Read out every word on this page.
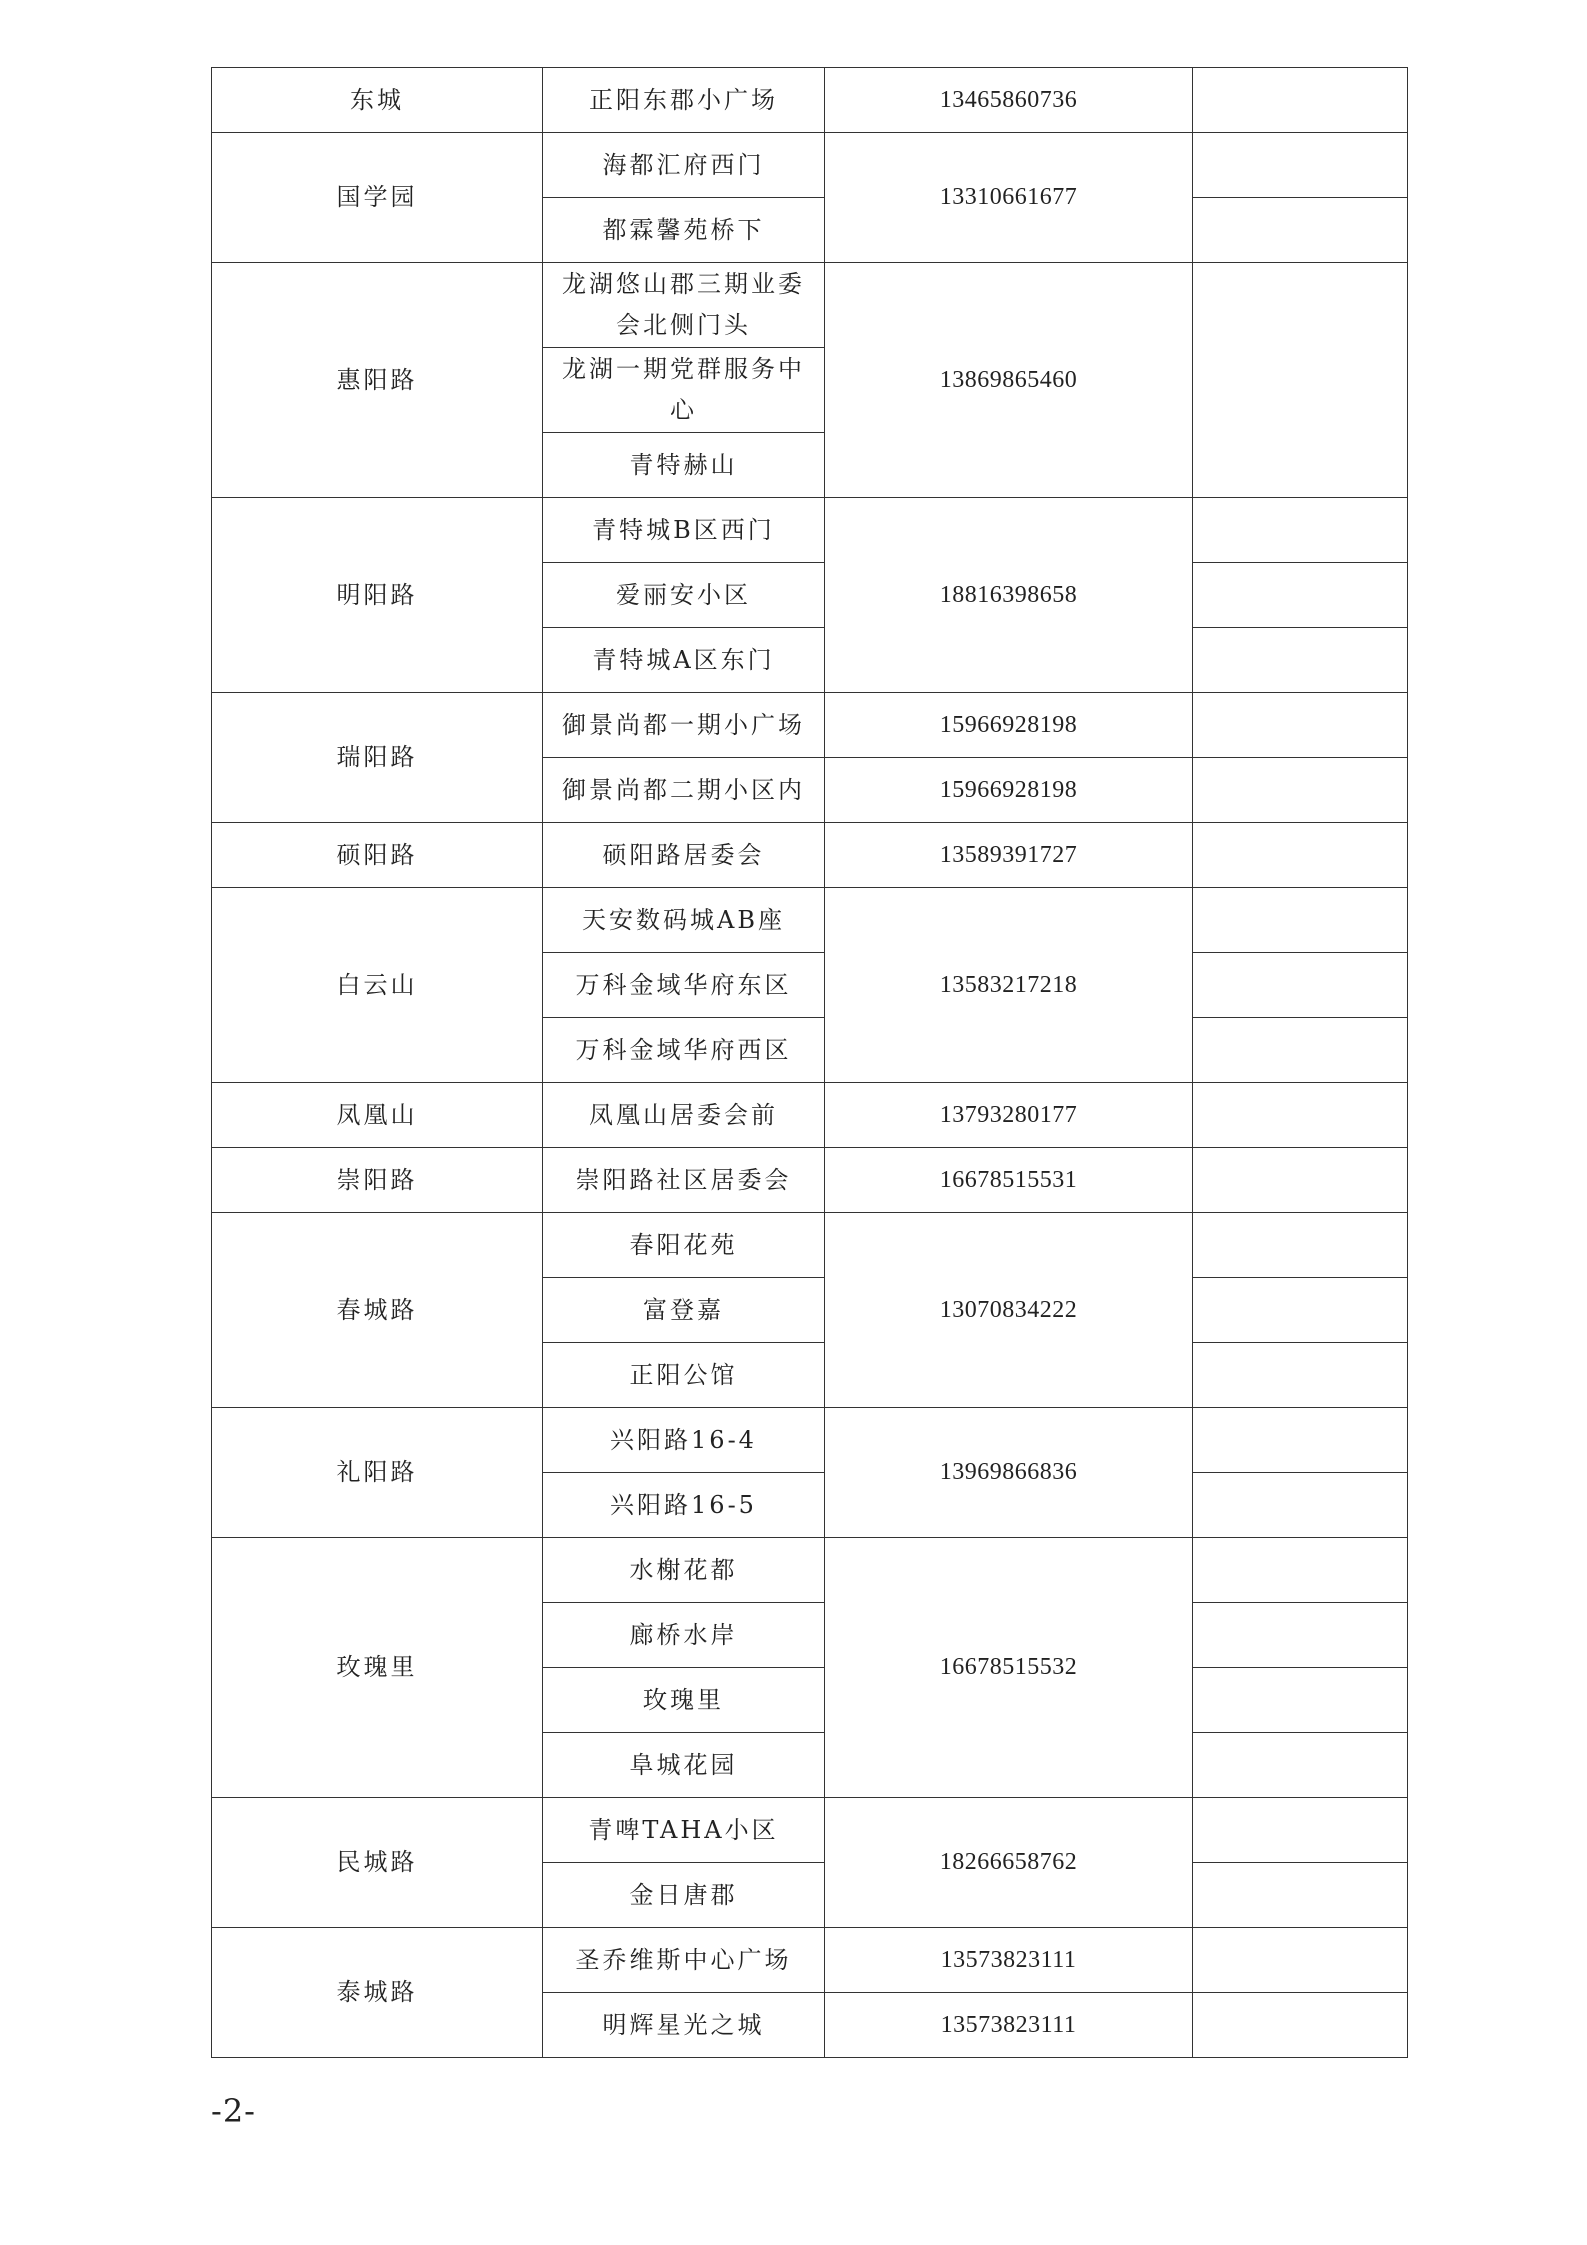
东城	正阳东郡小广场	13465860736	
国学园	海都汇府西门	13310661677	
	都霖馨苑桥下		
惠阳路	龙湖悠山郡三期业委会北侧门头	13869865460	
	龙湖一期党群服务中心		
	青特赫山		
明阳路	青特城B区西门	18816398658	
	爱丽安小区		
	青特城A区东门		
瑞阳路	御景尚都一期小广场	15966928198	
	御景尚都二期小区内	15966928198	
硕阳路	硕阳路居委会	13589391727	
白云山	天安数码城AB座	13583217218	
	万科金域华府东区		
	万科金域华府西区		
凤凰山	凤凰山居委会前	13793280177	
崇阳路	崇阳路社区居委会	16678515531	
春城路	春阳花苑	13070834222	
	富登嘉		
	正阳公馆		
礼阳路	兴阳路16-4	13969866836	
	兴阳路16-5		
玫瑰里	水榭花都	16678515532	
	廊桥水岸		
	玫瑰里		
	阜城花园		
民城路	青啤TAHA小区	18266658762	
	金日唐郡		
泰城路	圣乔维斯中心广场	13573823111	
	明辉星光之城	13573823111	
-2-
